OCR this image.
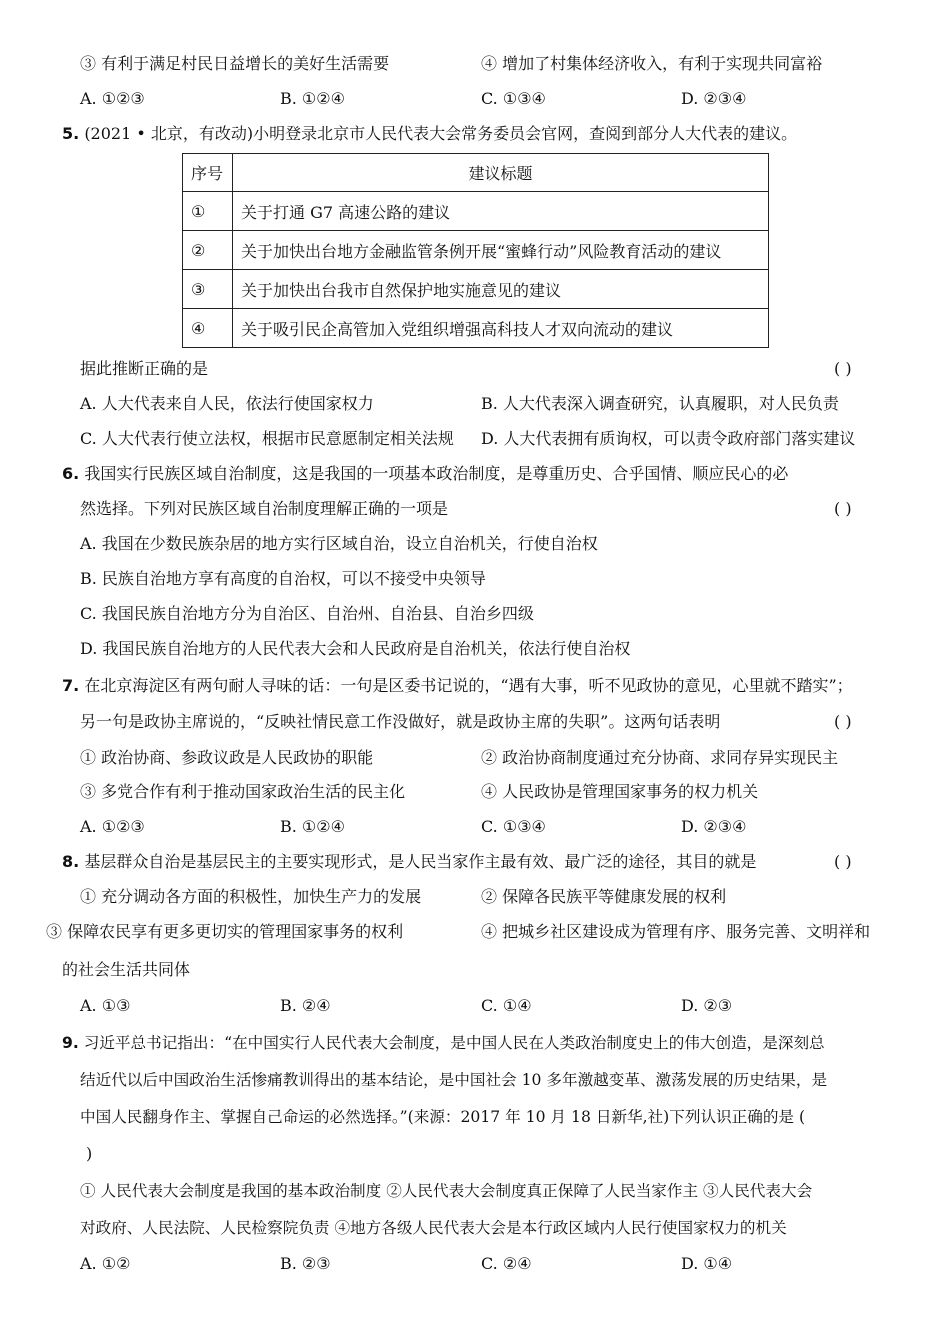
③ 有利于满足村民日益增长的美好生活需要	④ 增加了村集体经济收入，有利于实现共同富裕
A. ①②③	B. ①②④	C. ①③④	D. ②③④
5. (2021 • 北京，有改动)小明登录北京市人民代表大会常务委员会官网，查阅到部分人大代表的建议。
序号	建议标题
①	关于打通 G7 高速公路的建议
②	关于加快出台地方金融监管条例开展“蜜蜂行动”风险教育活动的建议
③	关于加快出台我市自然保护地实施意见的建议
④	关于吸引民企高管加入党组织增强高科技人才双向流动的建议
据此推断正确的是	( )
A. 人大代表来自人民，依法行使国家权力	B. 人大代表深入调查研究，认真履职，对人民负责
C. 人大代表行使立法权，根据市民意愿制定相关法规 D. 人大代表拥有质询权，可以责令政府部门落实建议
6. 我国实行民族区域自治制度，这是我国的一项基本政治制度，是尊重历史、合乎国情、顺应民心的必
然选择。下列对民族区域自治制度理解正确的一项是	( )
A. 我国在少数民族杂居的地方实行区域自治，设立自治机关，行使自治权
B. 民族自治地方享有高度的自治权，可以不接受中央领导
C. 我国民族自治地方分为自治区、自治州、自治县、自治乡四级
D. 我国民族自治地方的人民代表大会和人民政府是自治机关，依法行使自治权
7. 在北京海淀区有两句耐人寻味的话：一句是区委书记说的，“遇有大事，听不见政协的意见，心里就不踏实”；
另一句是政协主席说的，“反映社情民意工作没做好，就是政协主席的失职”。这两句话表明	( )
① 政治协商、参政议政是人民政协的职能	② 政治协商制度通过充分协商、求同存异实现民主
③ 多党合作有利于推动国家政治生活的民主化	④ 人民政协是管理国家事务的权力机关
A. ①②③	B. ①②④	C. ①③④	D. ②③④
8. 基层群众自治是基层民主的主要实现形式，是人民当家作主最有效、最广泛的途径，其目的就是	( )
① 充分调动各方面的积极性，加快生产力的发展	② 保障各民族平等健康发展的权利
③ 保障农民享有更多更切实的管理国家事务的权利	④ 把城乡社区建设成为管理有序、服务完善、文明祥和
的社会生活共同体
A. ①③	B. ②④	C. ①④	D. ②③
9. 习近平总书记指出：“在中国实行人民代表大会制度，是中国人民在人类政治制度史上的伟大创造，是深刻总
结近代以后中国政治生活惨痛教训得出的基本结论，是中国社会 10 多年激越变革、激荡发展的历史结果，是
中国人民翻身作主、掌握自己命运的必然选择。”(来源：2017 年 10 月 18 日新华,社)下列认识正确的是 (
)
① 人民代表大会制度是我国的基本政治制度 ②人民代表大会制度真正保障了人民当家作主 ③人民代表大会
对政府、人民法院、人民检察院负责 ④地方各级人民代表大会是本行政区域内人民行使国家权力的机关
A. ①②	B. ②③	C. ②④	D. ①④
